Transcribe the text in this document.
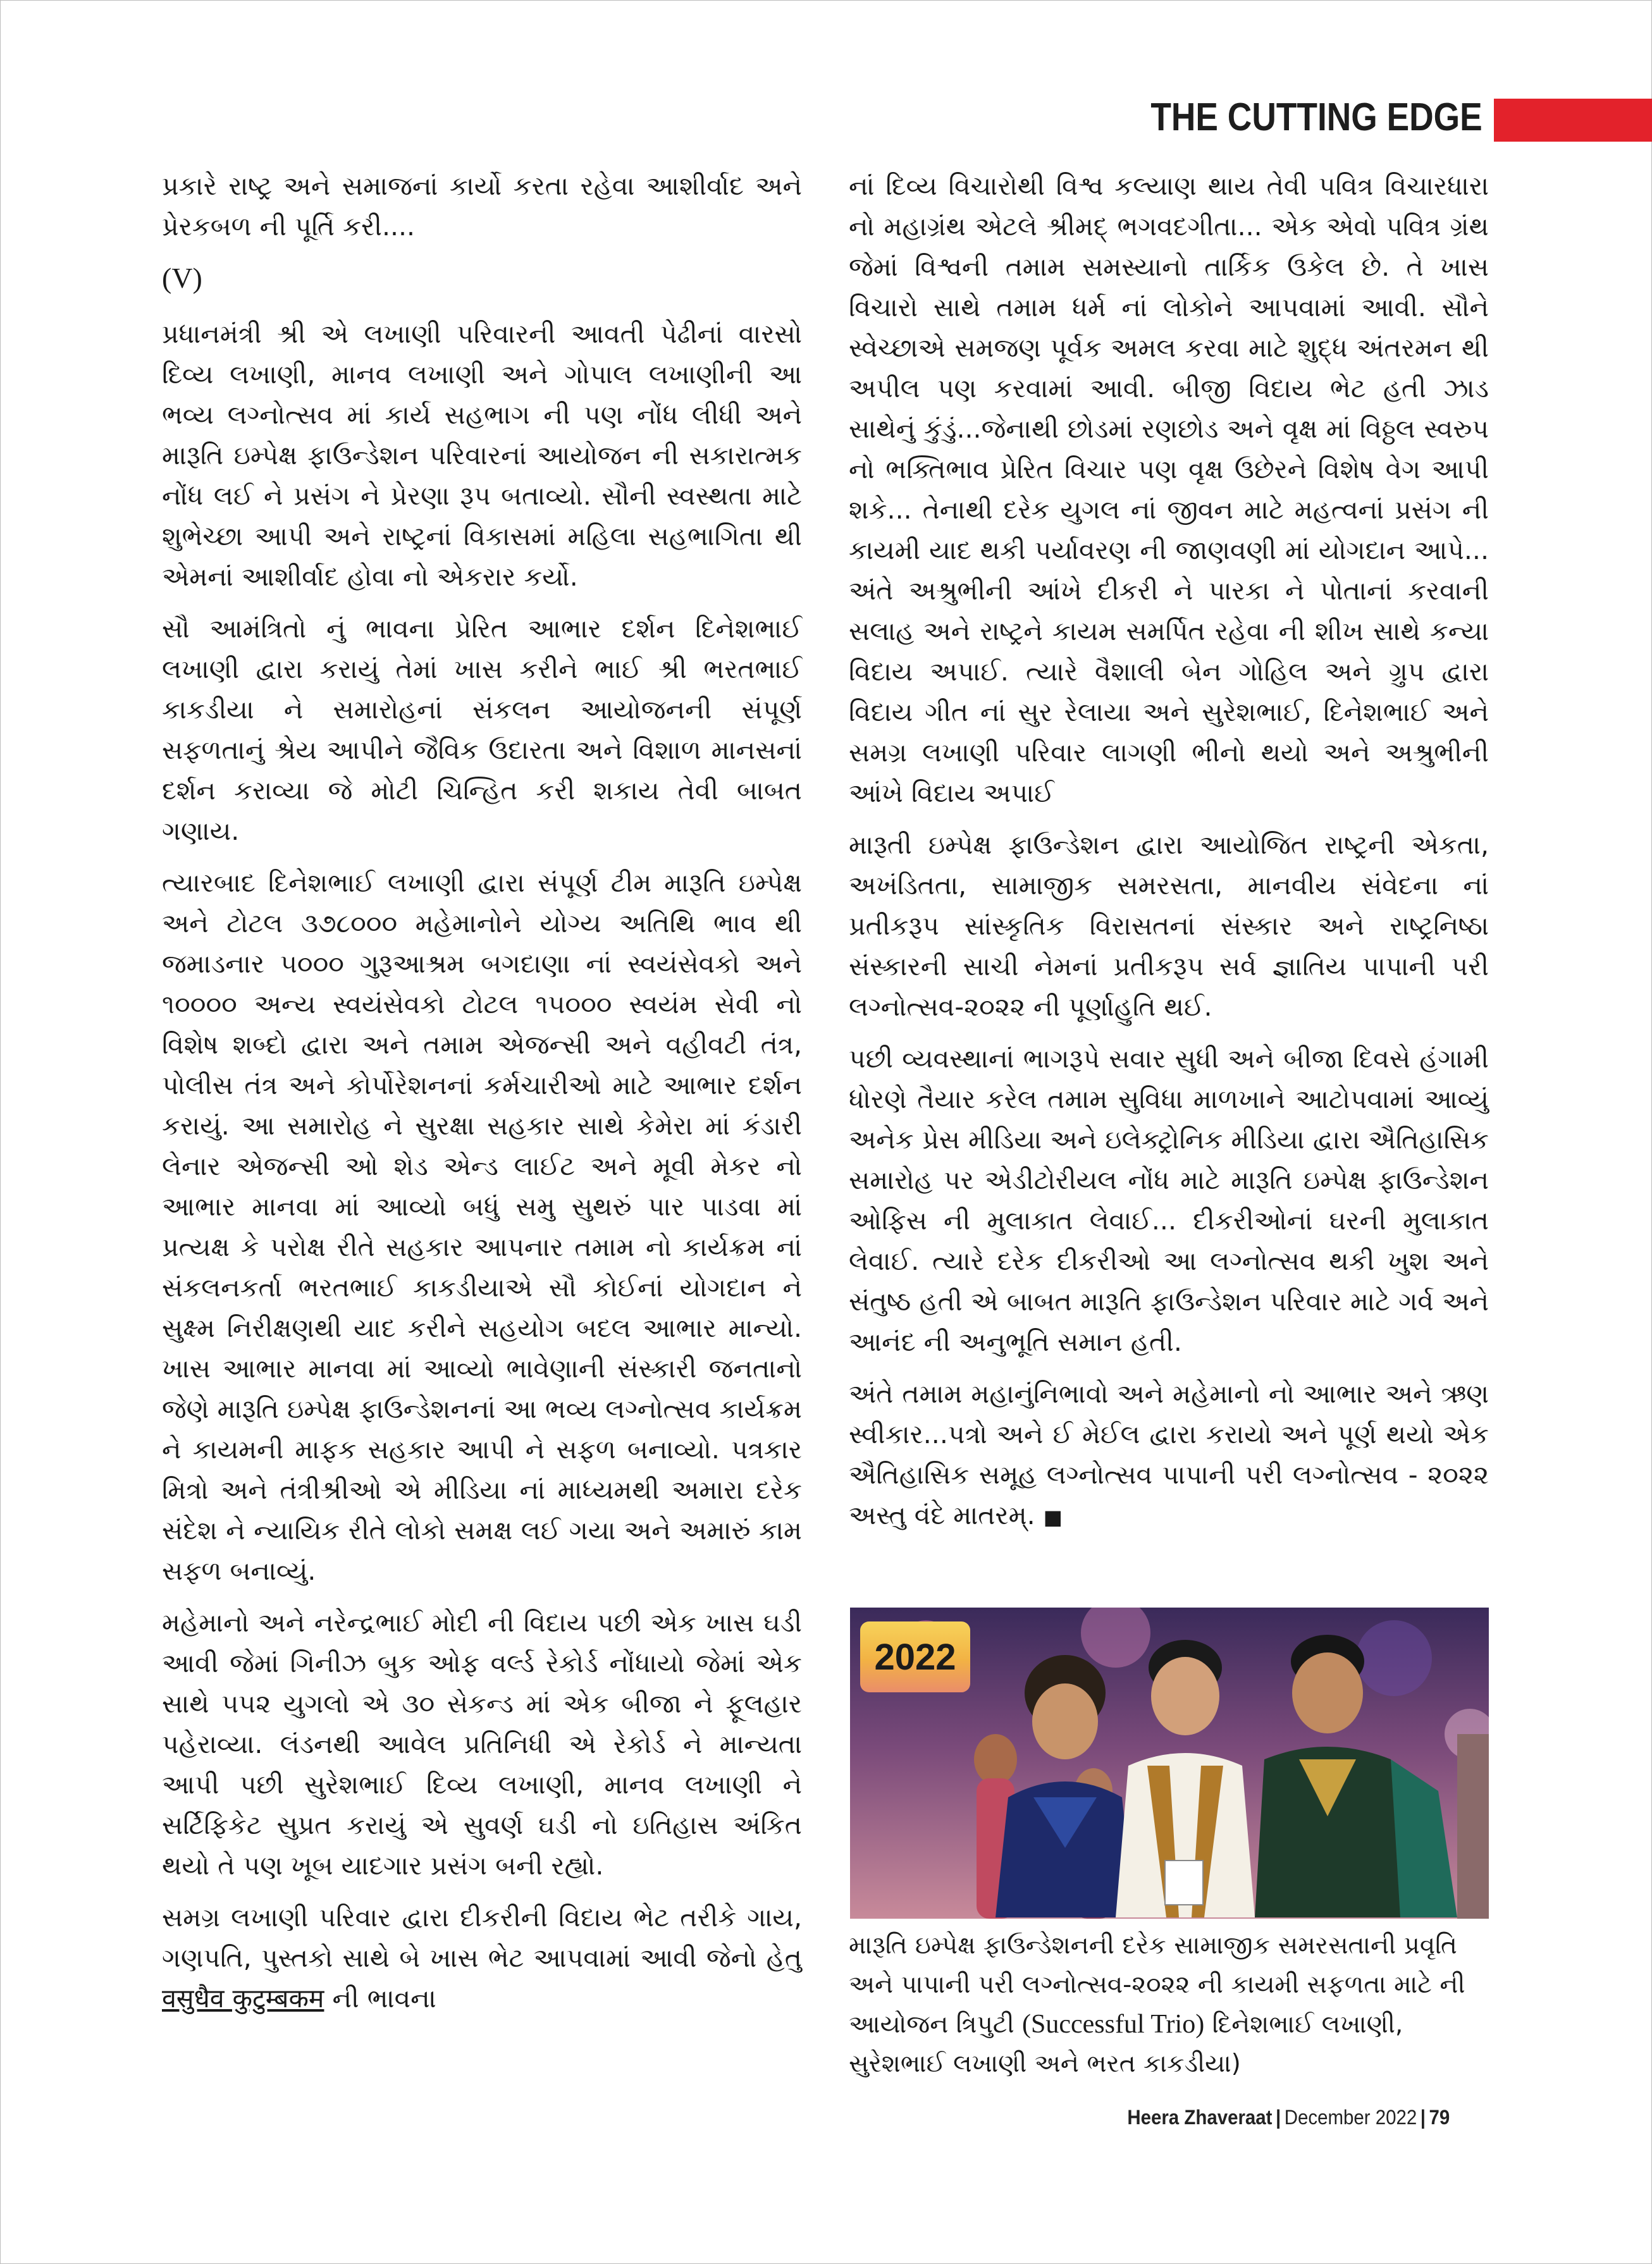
THE CUTTING EDGE

પ્રકારે રાષ્ટ્ર અને સમાજનાં કાર્યો કરતા રહેવા આશીર્વાદ અને પ્રેરકબળ ની પૂર્તિ કરી....

(V)

પ્રધાનમંત્રી શ્રી એ લખાણી પરિવારની આવતી પેઢીનાં વારસો દિવ્ય લખાણી, માનવ લખાણી અને ગોપાલ લખાણીની આ ભવ્ય લગ્નોત્સવ માં કાર્ય સહભાગ ની પણ નોંધ લીધી અને મારૂતિ ઇમ્પેક્ષ ફાઉન્ડેશન પરિવારનાં આયોજન ની સકારાત્મક નોંધ લઈ ને પ્રસંગ ને પ્રેરણા રૂપ બતાવ્યો. સૌની સ્વસ્થતા માટે શુભેચ્છા આપી અને રાષ્ટ્રનાં વિકાસમાં મહિલા સહભાગિતા થી એમનાં આશીર્વાદ હોવા નો એકરાર કર્યો.

સૌ આમંત્રિતો નું ભાવના પ્રેરિત આભાર દર્શન દિનેશભાઈ લખાણી દ્વારા કરાયું તેમાં ખાસ કરીને ભાઈ શ્રી ભરતભાઈ કાકડીયા ને સમારોહનાં સંકલન આયોજનની સંપૂર્ણ સફળતાનું શ્રેય આપીને જૈવિક ઉદારતા અને વિશાળ માનસનાં દર્શન કરાવ્યા જે મોટી ચિન્હિત કરી શકાય તેવી બાબત ગણાય.

ત્યારબાદ દિનેશભાઈ લખાણી દ્વારા સંપૂર્ણ ટીમ મારૂતિ ઇમ્પેક્ષ અને ટોટલ ૩૭૮૦૦૦ મહેમાનોને યોગ્ય અતિથિ ભાવ થી જમાડનાર ૫૦૦૦ ગુરૂઆશ્રમ બગદાણા નાં સ્વયંસેવકો અને ૧૦૦૦૦ અન્ય સ્વયંસેવકો ટોટલ ૧૫૦૦૦ સ્વયંમ સેવી નો વિશેષ શબ્દો દ્વારા અને તમામ એજન્સી અને વહીવટી તંત્ર, પોલીસ તંત્ર અને કોર્પોરેશનનાં કર્મચારીઓ માટે આભાર દર્શન કરાયું. આ સમારોહ ને સુરક્ષા સહકાર સાથે કેમેરા માં કંડારી લેનાર એજન્સી ઓ શેડ એન્ડ લાઈટ અને મૂવી મેકર નો આભાર માનવા માં આવ્યો બધું સમુ સુથરું પાર પાડવા માં પ્રત્યક્ષ કે પરોક્ષ રીતે સહકાર આપનાર તમામ નો કાર્યક્રમ નાં સંકલનકર્તા ભરતભાઈ કાકડીયાએ સૌ કોઈનાં યોગદાન ને સુક્ષ્મ નિરીક્ષણથી યાદ કરીને સહયોગ બદલ આભાર માન્યો. ખાસ આભાર માનવા માં આવ્યો ભાવેણાની સંસ્કારી જનતાનો જેણે મારૂતિ ઇમ્પેક્ષ ફાઉન્ડેશનનાં આ ભવ્ય લગ્નોત્સવ કાર્યક્રમ ને કાયમની માફક સહકાર આપી ને સફળ બનાવ્યો. પત્રકાર મિત્રો અને તંત્રીશ્રીઓ એ મીડિયા નાં માધ્યમથી અમારા દરેક સંદેશ ને ન્યાયિક રીતે લોકો સમક્ષ લઈ ગયા અને અમારું કામ સફળ બનાવ્યું.

મહેમાનો અને નરેન્દ્રભાઈ મોદી ની વિદાય પછી એક ખાસ ઘડી આવી જેમાં ગિનીઝ બુક ઓફ વર્લ્ડ રેકોર્ડ નોંધાયો જેમાં એક સાથે ૫૫૨ યુગલો એ ૩૦ સેકન્ડ માં એક બીજા ને ફૂલહાર પહેરાવ્યા. લંડનથી આવેલ પ્રતિનિધી એ રેકોર્ડ ને માન્યતા આપી પછી સુરેશભાઈ દિવ્ય લખાણી, માનવ લખાણી ને સર્ટિફિકેટ સુપ્રત કરાયું એ સુવર્ણ ઘડી નો ઇતિહાસ અંકિત થયો તે પણ ખૂબ યાદગાર પ્રસંગ બની રહ્યો.

સમગ્ર લખાણી પરિવાર દ્વારા દીકરીની વિદાય ભેટ તરીકે ગાય, ગણપતિ, પુસ્તકો સાથે બે ખાસ ભેટ આપવામાં આવી જેનો હેતુ वसुधैव कुटुम्बकम ની ભાવના

નાં દિવ્ય વિચારોથી વિશ્વ કલ્યાણ થાય તેવી પવિત્ર વિચારધારા નો મહાગ્રંથ એટલે શ્રીમદ્ ભગવદગીતા... એક એવો પવિત્ર ગ્રંથ જેમાં વિશ્વની તમામ સમસ્યાનો તાર્કિક ઉકેલ છે. તે ખાસ વિચારો સાથે તમામ ધર્મ નાં લોકોને આપવામાં આવી. સૌને સ્વેચ્છાએ સમજણ પૂર્વક અમલ કરવા માટે શુદ્ધ અંતરમન થી અપીલ પણ કરવામાં આવી. બીજી વિદાય ભેટ હતી ઝાડ સાથેનું કુંડું...જેનાથી છોડમાં રણછોડ અને વૃક્ષ માં વિઠ્ઠલ સ્વરુપ નો ભક્તિભાવ પ્રેરિત વિચાર પણ વૃક્ષ ઉછેરને વિશેષ વેગ આપી શકે... તેનાથી દરેક યુગલ નાં જીવન માટે મહત્વનાં પ્રસંગ ની કાયમી યાદ થકી પર્યાવરણ ની જાણવણી માં યોગદાન આપે... અંતે અશ્રુભીની આંખે દીકરી ને પારકા ને પોતાનાં કરવાની સલાહ અને રાષ્ટ્રને કાયમ સમર્પિત રહેવા ની શીખ સાથે કન્યા વિદાય અપાઈ. ત્યારે વૈશાલી બેન ગોહિલ અને ગ્રુપ દ્વારા વિદાય ગીત નાં સુર રેલાયા અને સુરેશભાઈ, દિનેશભાઈ અને સમગ્ર લખાણી પરિવાર લાગણી ભીનો થયો અને અશ્રુભીની આંખે વિદાય અપાઈ

મારૂતી ઇમ્પેક્ષ ફાઉન્ડેશન દ્વારા આયોજિત રાષ્ટ્રની એકતા, અખંડિતતા, સામાજીક સમરસતા, માનવીય સંવેદના નાં પ્રતીકરૂપ સાંસ્કૃતિક વિરાસતનાં સંસ્કાર અને રાષ્ટ્રનિષ્ઠા સંસ્કારની સાચી નેમનાં પ્રતીકરૂપ સર્વ જ્ઞાતિય પાપાની પરી લગ્નોત્સવ-૨૦૨૨ ની પૂર્ણાહુતિ થઈ.

પછી વ્યવસ્થાનાં ભાગરૂપે સવાર સુધી અને બીજા દિવસે હંગામી ધોરણે તૈયાર કરેલ તમામ સુવિધા માળખાને આટોપવામાં આવ્યું અનેક પ્રેસ મીડિયા અને ઇલેક્ટ્રોનિક મીડિયા દ્વારા ઐતિહાસિક સમારોહ પર એડીટોરીયલ નોંધ માટે મારૂતિ ઇમ્પેક્ષ ફાઉન્ડેશન ઓફિસ ની મુલાકાત લેવાઈ... દીકરીઓનાં ઘરની મુલાકાત લેવાઈ. ત્યારે દરેક દીકરીઓ આ લગ્નોત્સવ થકી ખુશ અને સંતુષ્ઠ હતી એ બાબત મારૂતિ ફાઉન્ડેશન પરિવાર માટે ગર્વ અને આનંદ ની અનુભૂતિ સમાન હતી.

અંતે તમામ મહાનુંનિભાવો અને મહેમાનો નો આભાર અને ઋણ સ્વીકાર...પત્રો અને ઈ મેઈલ દ્વારા કરાયો અને પૂર્ણ થયો એક ઐતિહાસિક સમૂહ લગ્નોત્સવ પાપાની પરી લગ્નોત્સવ - ૨૦૨૨ અસ્તુ વંદે માતરમ્. ■

2022
મારૂતિ ઇમ્પેક્ષ ફાઉન્ડેશનની દરેક સામાજીક સમરસતાની પ્રવૃતિ અને પાપાની પરી લગ્નોત્સવ-૨૦૨૨ ની કાયમી સફળતા માટે ની આયોજન ત્રિપુટી (Successful Trio) દિનેશભાઈ લખાણી, સુરેશભાઈ લખાણી અને ભરત કાકડીયા)
Heera Zhaveraat | December 2022 | 79
